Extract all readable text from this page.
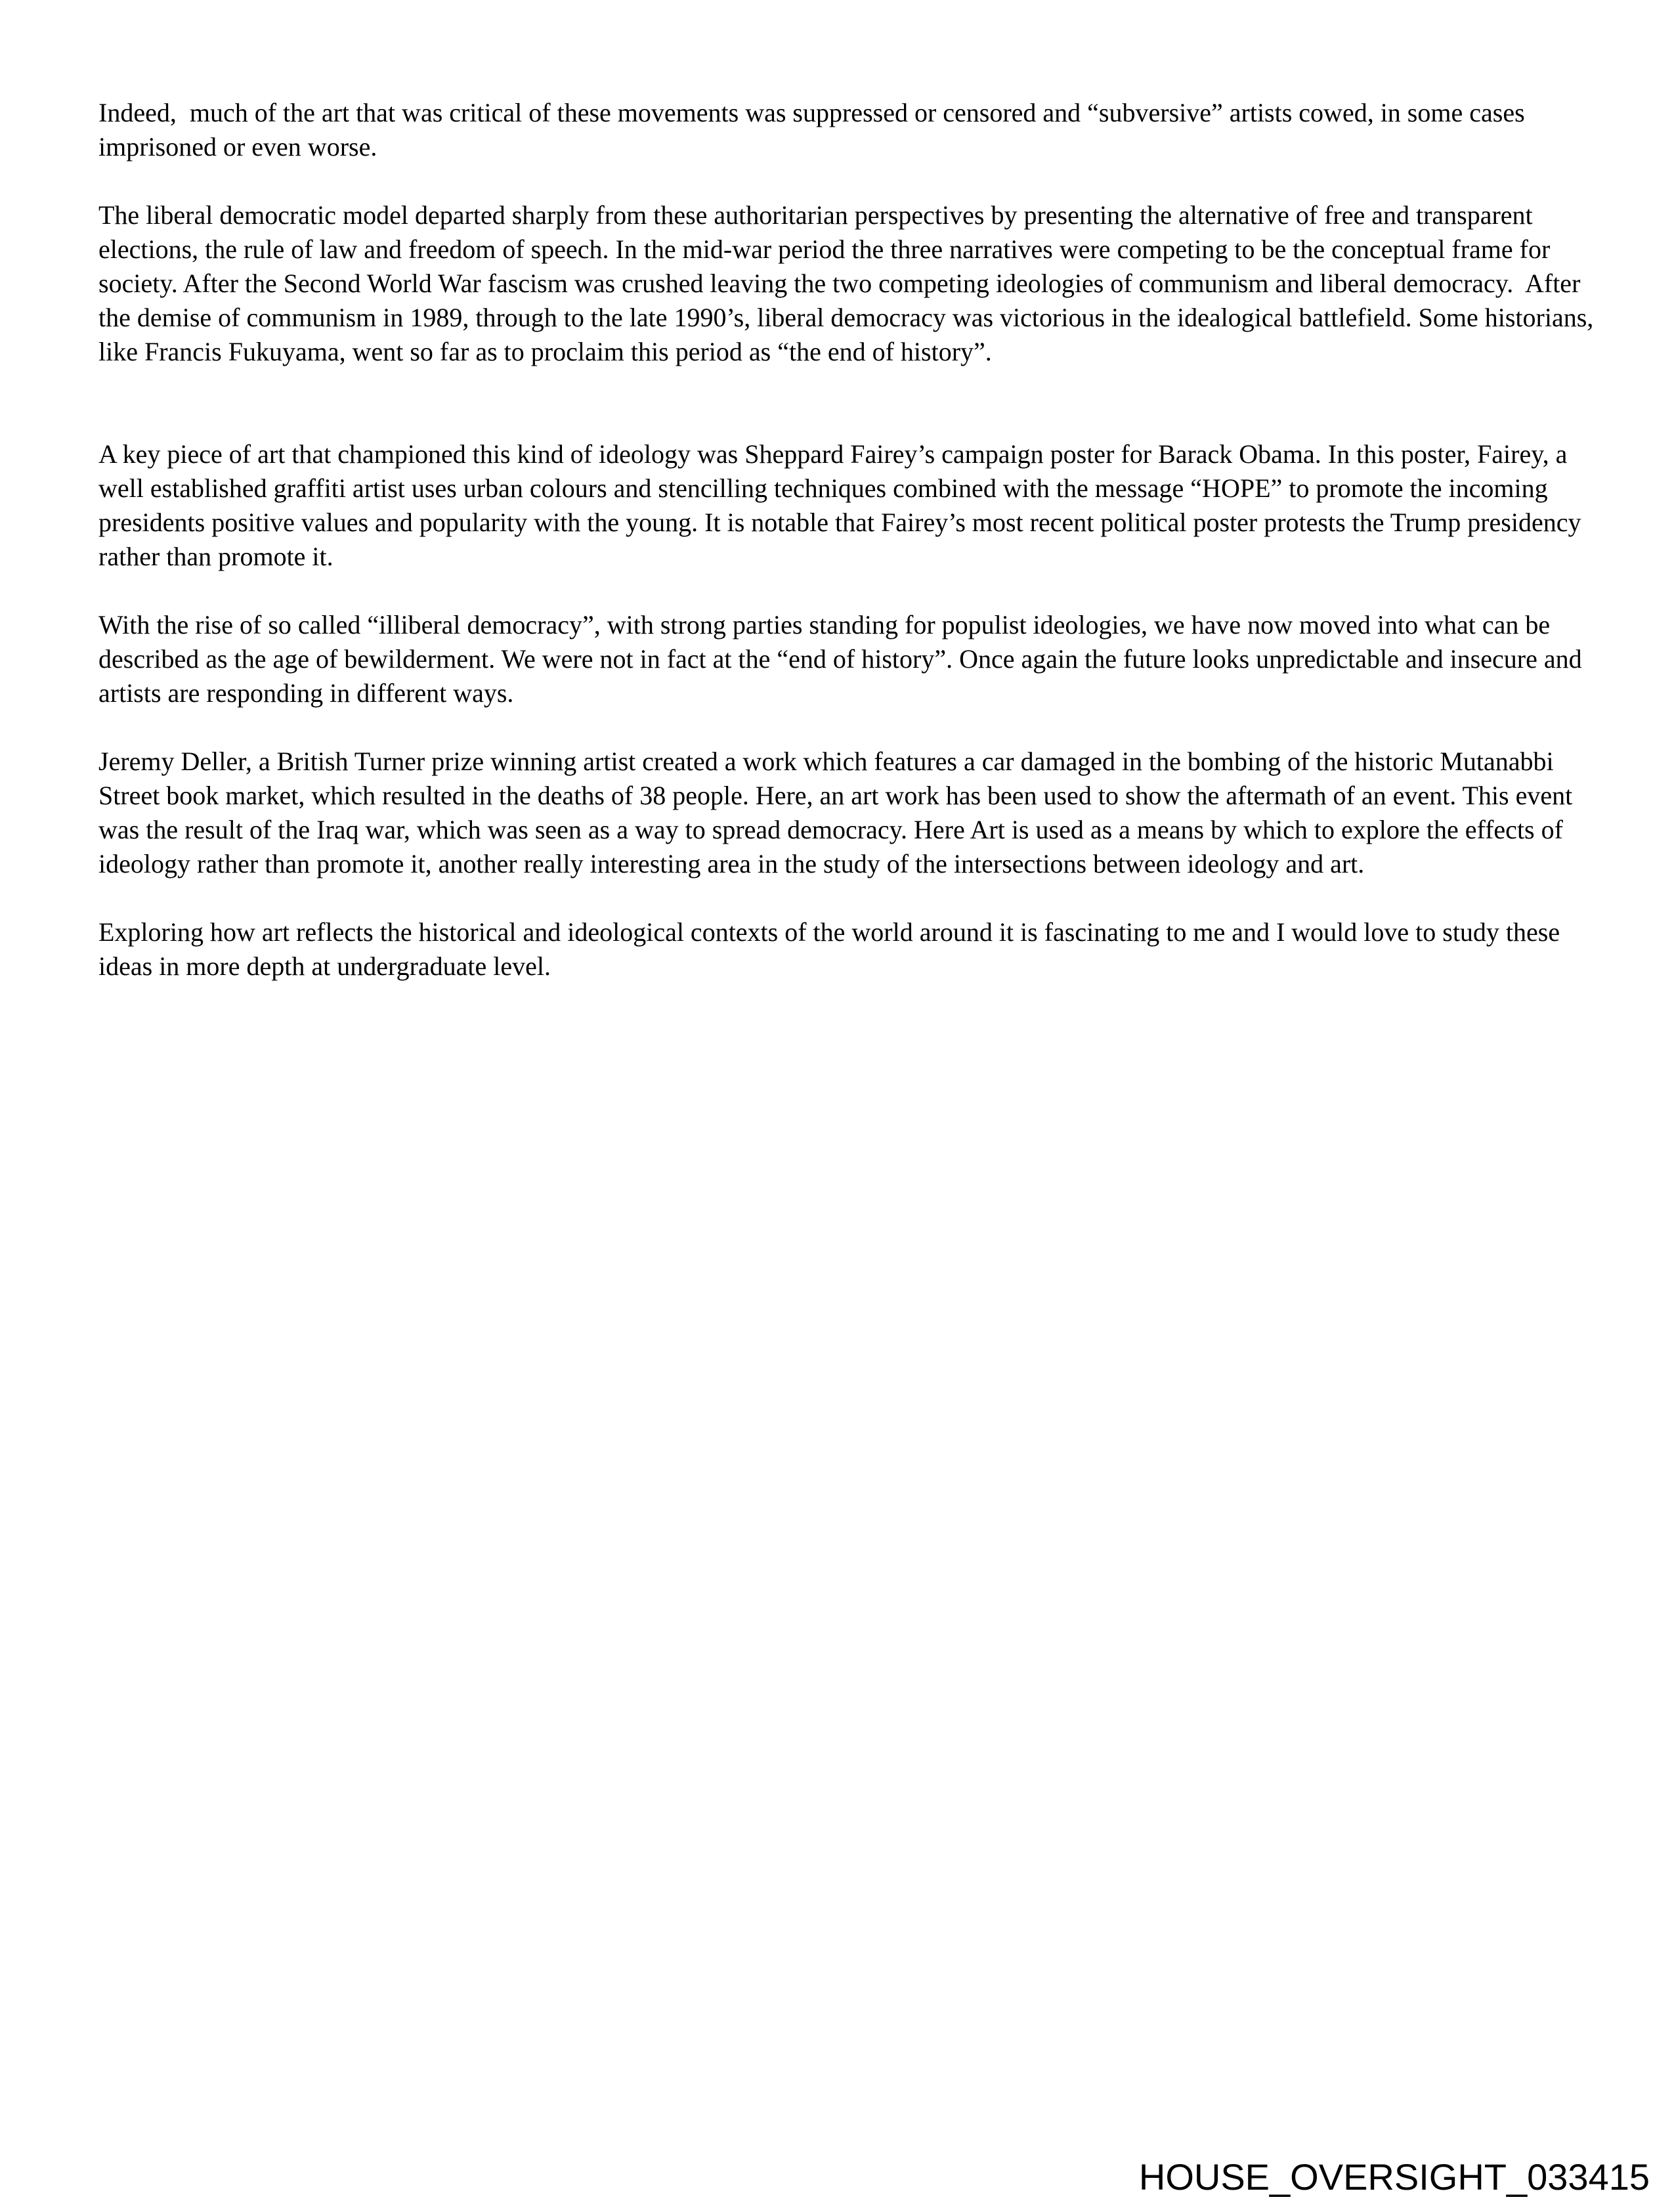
Indeed,  much of the art that was critical of these movements was suppressed or censored and “subversive” artists cowed, in some cases imprisoned or even worse.

The liberal democratic model departed sharply from these authoritarian perspectives by presenting the alternative of free and transparent elections, the rule of law and freedom of speech. In the mid-war period the three narratives were competing to be the conceptual frame for society. After the Second World War fascism was crushed leaving the two competing ideologies of communism and liberal democracy.  After the demise of communism in 1989, through to the late 1990’s, liberal democracy was victorious in the idealogical battlefield. Some historians, like Francis Fukuyama, went so far as to proclaim this period as “the end of history”.

A key piece of art that championed this kind of ideology was Sheppard Fairey’s campaign poster for Barack Obama. In this poster, Fairey, a well established graffiti artist uses urban colours and stencilling techniques combined with the message “HOPE” to promote the incoming presidents positive values and popularity with the young. It is notable that Fairey’s most recent political poster protests the Trump presidency rather than promote it.

With the rise of so called “illiberal democracy”, with strong parties standing for populist ideologies, we have now moved into what can be described as the age of bewilderment. We were not in fact at the “end of history”. Once again the future looks unpredictable and insecure and artists are responding in different ways.

Jeremy Deller, a British Turner prize winning artist created a work which features a car damaged in the bombing of the historic Mutanabbi Street book market, which resulted in the deaths of 38 people. Here, an art work has been used to show the aftermath of an event. This event was the result of the Iraq war, which was seen as a way to spread democracy. Here Art is used as a means by which to explore the effects of ideology rather than promote it, another really interesting area in the study of the intersections between ideology and art.

Exploring how art reflects the historical and ideological contexts of the world around it is fascinating to me and I would love to study these ideas in more depth at undergraduate level.

HOUSE_OVERSIGHT_033415
